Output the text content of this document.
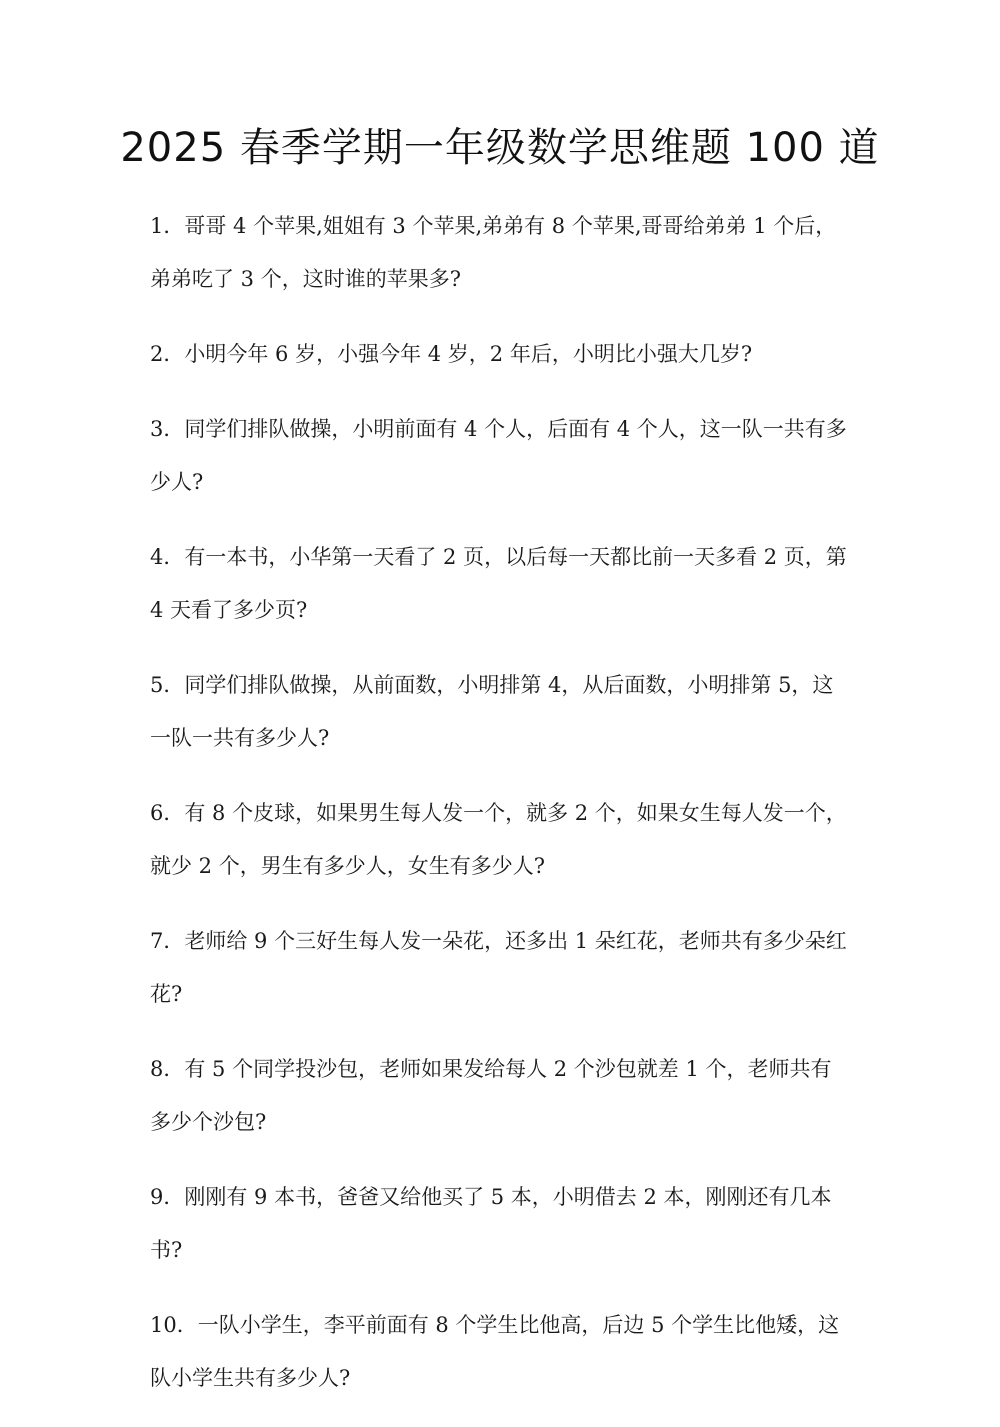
2025 春季学期一年级数学思维题 100 道
1．哥哥 4 个苹果,姐姐有 3 个苹果,弟弟有 8 个苹果,哥哥给弟弟 1 个后，弟弟吃了 3 个，这时谁的苹果多?
2．小明今年 6 岁，小强今年 4 岁，2 年后，小明比小强大几岁?
3．同学们排队做操，小明前面有 4 个人，后面有 4 个人，这一队一共有多少人?
4．有一本书，小华第一天看了 2 页，以后每一天都比前一天多看 2 页，第 4 天看了多少页?
5．同学们排队做操，从前面数，小明排第 4，从后面数，小明排第 5，这一队一共有多少人?
6．有 8 个皮球，如果男生每人发一个，就多 2 个，如果女生每人发一个，就少 2 个，男生有多少人，女生有多少人?
7．老师给 9 个三好生每人发一朵花，还多出 1 朵红花，老师共有多少朵红花?
8．有 5 个同学投沙包，老师如果发给每人 2 个沙包就差 1 个，老师共有多少个沙包?
9．刚刚有 9 本书，爸爸又给他买了 5 本，小明借去 2 本，刚刚还有几本书?
10．一队小学生，李平前面有 8 个学生比他高，后边 5 个学生比他矮，这队小学生共有多少人?
